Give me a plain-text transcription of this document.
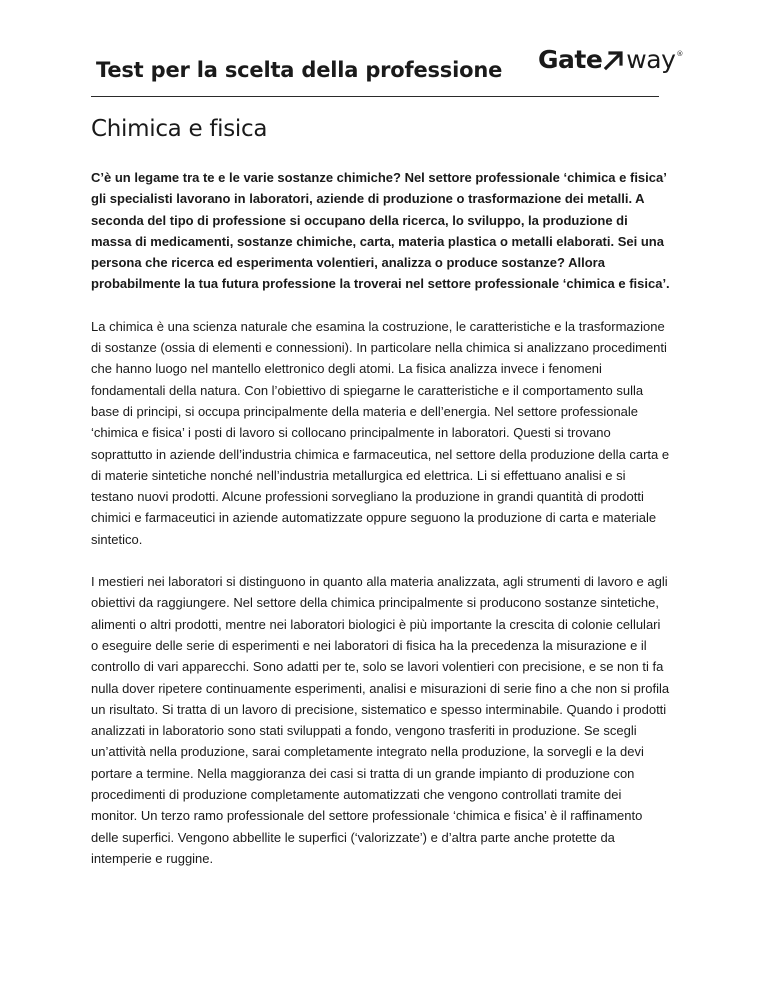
Test per la scelta della professione Gate way ®
Chimica e fisica

C’è un legame tra te e le varie sostanze chimiche? Nel settore professionale ‘chimica e fisica’ gli specialisti lavorano in laboratori, aziende di produzione o trasformazione dei metalli. A seconda del tipo di professione si occupano della ricerca, lo sviluppo, la produzione di massa di medicamenti, sostanze chimiche, carta, materia plastica o metalli elaborati. Sei una persona che ricerca ed esperimenta volentieri, analizza o produce sostanze? Allora probabilmente la tua futura professione la troverai nel settore professionale ‘chimica e fisica’.

La chimica è una scienza naturale che esamina la costruzione, le caratteristiche e la trasformazione di sostanze (ossia di elementi e connessioni). In particolare nella chimica si analizzano procedimenti che hanno luogo nel mantello elettronico degli atomi. La fisica analizza invece i fenomeni fondamentali della natura. Con l’obiettivo di spiegarne le caratteristiche e il comportamento sulla base di principi, si occupa principalmente della materia e dell’energia. Nel settore professionale ‘chimica e fisica’ i posti di lavoro si collocano principalmente in laboratori. Questi si trovano soprattutto in aziende dell’industria chimica e farmaceutica, nel settore della produzione della carta e di materie sintetiche nonché nell’industria metallurgica ed elettrica. Li si effettuano analisi e si testano nuovi prodotti. Alcune professioni sorvegliano la produzione in grandi quantità di prodotti chimici e farmaceutici in aziende automatizzate oppure seguono la produzione di carta e materiale sintetico.

I mestieri nei laboratori si distinguono in quanto alla materia analizzata, agli strumenti di lavoro e agli obiettivi da raggiungere. Nel settore della chimica principalmente si producono sostanze sintetiche, alimenti o altri prodotti, mentre nei laboratori biologici è più importante la crescita di colonie cellulari o eseguire delle serie di esperimenti e nei laboratori di fisica ha la precedenza la misurazione e il controllo di vari apparecchi. Sono adatti per te, solo se lavori volentieri con precisione, e se non ti fa nulla dover ripetere continuamente esperimenti, analisi e misurazioni di serie fino a che non si profila un risultato. Si tratta di un lavoro di precisione, sistematico e spesso interminabile. Quando i prodotti analizzati in laboratorio sono stati sviluppati a fondo, vengono trasferiti in produzione. Se scegli un’attività nella produzione, sarai completamente integrato nella produzione, la sorvegli e la devi portare a termine. Nella maggioranza dei casi si tratta di un grande impianto di produzione con procedimenti di produzione completamente automatizzati che vengono controllati tramite dei monitor. Un terzo ramo professionale del settore professionale ‘chimica e fisica’ è il raffinamento delle superfici. Vengono abbellite le superfici (‘valorizzate’) e d’altra parte anche protette da intemperie e ruggine.
